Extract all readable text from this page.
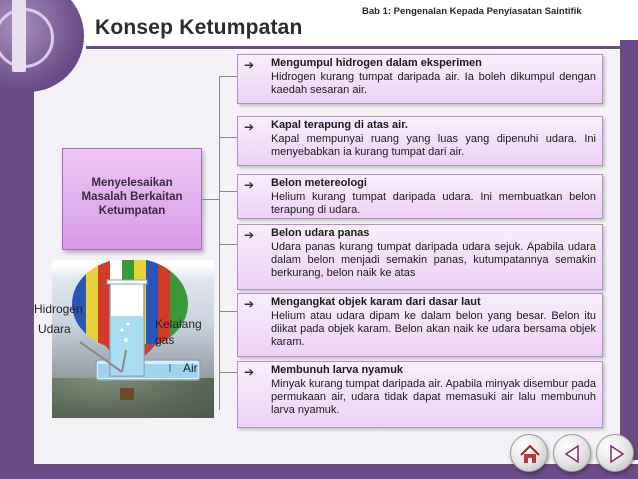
Bab 1: Pengenalan Kepada Penyiasatan Saintifik
Konsep Ketumpatan
Menyelesaikan Masalah Berkaitan Ketumpatan
➔ Mengumpul hidrogen dalam eksperimen
Hidrogen kurang tumpat daripada air. Ia boleh dikumpul dengan kaedah sesaran air.
➔ Kapal terapung di atas air.
Kapal mempunyai ruang yang luas yang dipenuhi udara. Ini menyebabkan ia kurang tumpat dari air.
➔ Belon metereologi
Helium kurang tumpat daripada udara. Ini membuatkan belon terapung di udara.
➔ Belon udara panas
Udara panas kurang tumpat daripada udara sejuk. Apabila udara dalam belon menjadi semakin panas, kutumpatannya semakin berkurang, belon naik ke atas
➔ Mengangkat objek karam dari dasar laut
Helium atau udara dipam ke dalam belon yang besar. Belon itu diikat pada objek karam. Belon akan naik ke udara bersama objek karam.
➔ Membunuh larva nyamuk
Minyak kurang tumpat daripada air. Apabila minyak disembur pada permukaan air, udara tidak dapat memasuki air lalu membunuh larva nyamuk.
Hidrogen
Udara	Kelalang
gas
Air
